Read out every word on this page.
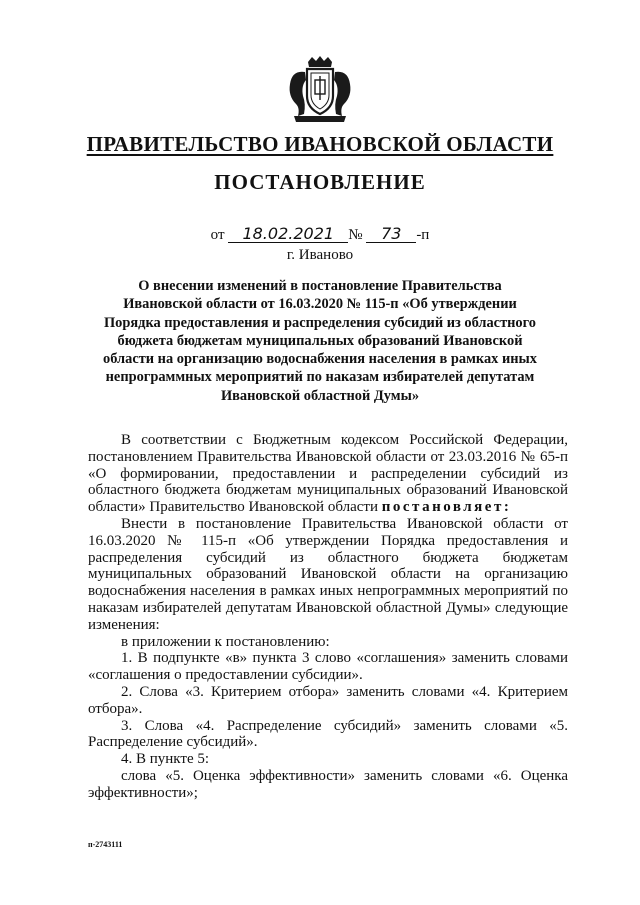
ПРАВИТЕЛЬСТВО ИВАНОВСКОЙ ОБЛАСТИ
ПОСТАНОВЛЕНИЕ
от 18.02.2021 № 73 -п
г. Иваново
О внесении изменений в постановление Правительства Ивановской области от 16.03.2020 № 115-п «Об утверждении Порядка предоставления и распределения субсидий из областного бюджета бюджетам муниципальных образований Ивановской области на организацию водоснабжения населения в рамках иных непрограммных мероприятий по наказам избирателей депутатам Ивановской областной Думы»

В соответствии с Бюджетным кодексом Российской Федерации, постановлением Правительства Ивановской области от 23.03.2016 № 65-п «О формировании, предоставлении и распределении субсидий из областного бюджета бюджетам муниципальных образований Ивановской области» Правительство Ивановской области постановляет:

Внести в постановление Правительства Ивановской области от 16.03.2020 № 115-п «Об утверждении Порядка предоставления и распределения субсидий из областного бюджета бюджетам муниципальных образований Ивановской области на организацию водоснабжения населения в рамках иных непрограммных мероприятий по наказам избирателей депутатам Ивановской областной Думы» следующие изменения:

в приложении к постановлению:

1. В подпункте «в» пункта 3 слово «соглашения» заменить словами «соглашения о предоставлении субсидии».

2. Слова «3. Критерием отбора» заменить словами «4. Критерием отбора».

3. Слова «4. Распределение субсидий» заменить словами «5. Распределение субсидий».

4. В пункте 5:

слова «5. Оценка эффективности» заменить словами «6. Оценка эффективности»;

п-2743111
